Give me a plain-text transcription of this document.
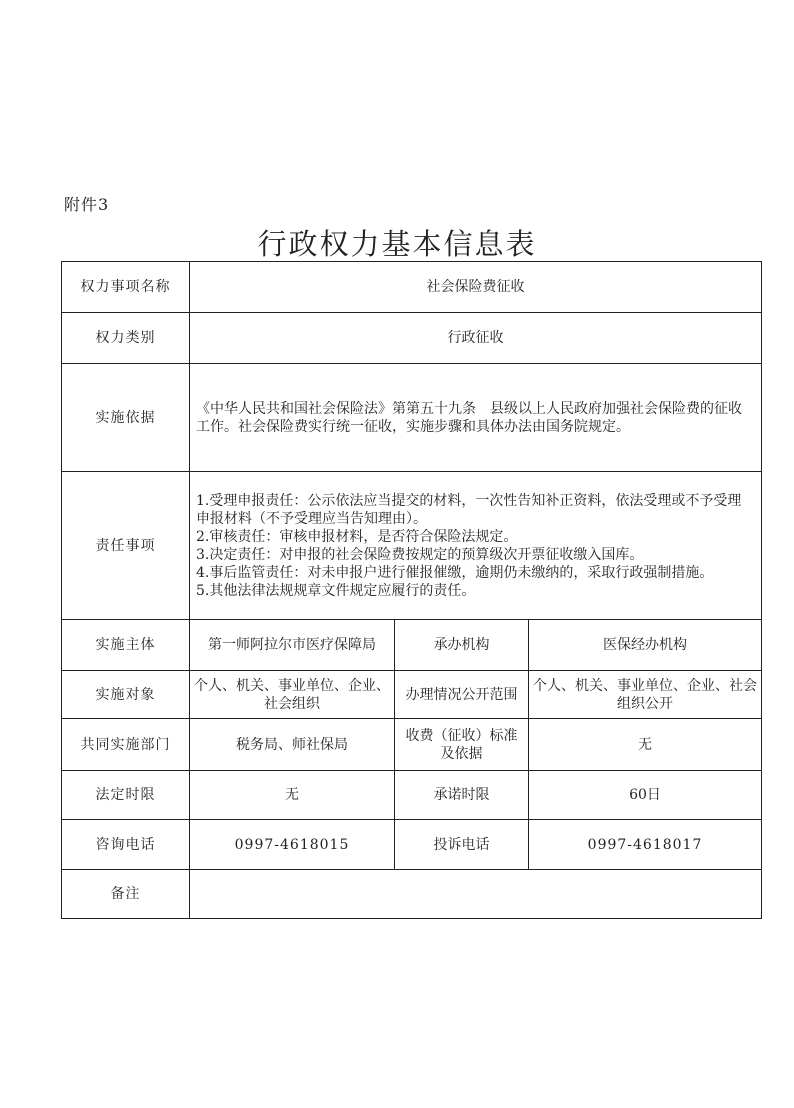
附件3
行政权力基本信息表
权力事项名称	社会保险费征收		
权力类别	行政征收		
实施依据	《中华人民共和国社会保险法》第第五十九条　县级以上人民政府加强社会保险费的征收工作。社会保险费实行统一征收，实施步骤和具体办法由国务院规定。		
责任事项	1.受理申报责任：公示依法应当提交的材料，一次性告知补正资料，依法受理或不予受理申报材料（不予受理应当告知理由）。
2.审核责任：审核申报材料，是否符合保险法规定。
3.决定责任：对申报的社会保险费按规定的预算级次开票征收缴入国库。
4.事后监管责任：对未申报户进行催报催缴，逾期仍未缴纳的，采取行政强制措施。
5.其他法律法规规章文件规定应履行的责任。		
实施主体	第一师阿拉尔市医疗保障局	承办机构	医保经办机构
实施对象	个人、机关、事业单位、企业、社会组织	办理情况公开范围	个人、机关、事业单位、企业、社会组织公开
共同实施部门	税务局、师社保局	收费（征收）标准及依据	无
法定时限	无	承诺时限	60日
咨询电话	0997-4618015	投诉电话	0997-4618017
备注			
